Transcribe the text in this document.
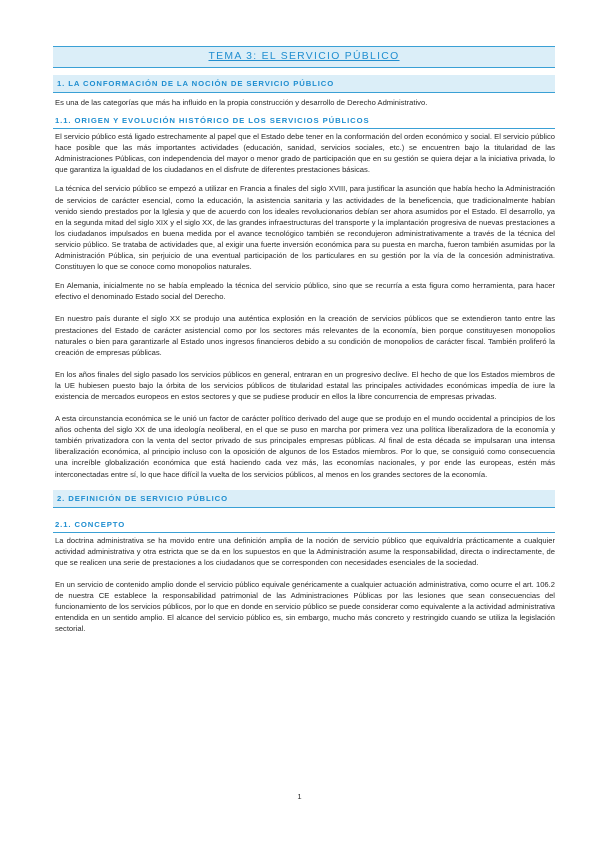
TEMA 3: EL SERVICIO PÚBLICO
1. LA CONFORMACIÓN DE LA NOCIÓN DE SERVICIO PÚBLICO

Es una de las categorías que más ha influido en la propia construcción y desarrollo de Derecho Administrativo.

1.1. ORIGEN Y EVOLUCIÓN HISTÓRICO DE LOS SERVICIOS PÚBLICOS

El servicio público está ligado estrechamente al papel que el Estado debe tener en la conformación del orden económico y social. El servicio público hace posible que las más importantes actividades (educación, sanidad, servicios sociales, etc.) se encuentren bajo la titularidad de las Administraciones Públicas, con independencia del mayor o menor grado de participación que en su gestión se quiera dejar a la iniciativa privada, lo que garantiza la igualdad de los ciudadanos en el disfrute de diferentes prestaciones básicas.

La técnica del servicio público se empezó a utilizar en Francia a finales del siglo XVIII, para justificar la asunción que había hecho la Administración de servicios de carácter esencial, como la educación, la asistencia sanitaria y las actividades de la beneficencia, que tradicionalmente habían venido siendo prestados por la Iglesia y que de acuerdo con los ideales revolucionarios debían ser ahora asumidos por el Estado. El desarrollo, ya en la segunda mitad del siglo XIX y el siglo XX, de las grandes infraestructuras del transporte y la implantación progresiva de nuevas prestaciones a los ciudadanos impulsados en buena medida por el avance tecnológico también se recondujeron administrativamente a través de la técnica del servicio público. Se trataba de actividades que, al exigir una fuerte inversión económica para su puesta en marcha, fueron también asumidas por la Administración Pública, sin perjuicio de una eventual participación de los particulares en su gestión por la vía de la concesión administrativa. Constituyen lo que se conoce como monopolios naturales.

En Alemania, inicialmente no se había empleado la técnica del servicio público, sino que se recurría a esta figura como herramienta, para hacer efectivo el denominado Estado social del Derecho.

En nuestro país durante el siglo XX se produjo una auténtica explosión en la creación de servicios públicos que se extendieron tanto entre las prestaciones del Estado de carácter asistencial como por los sectores más relevantes de la economía, bien porque constituyesen monopolios naturales o bien para garantizarle al Estado unos ingresos financieros debido a su condición de monopolios de carácter fiscal. También proliferó la creación de empresas públicas.

En los años finales del siglo pasado los servicios públicos en general, entraran en un progresivo declive. El hecho de que los Estados miembros de la UE hubiesen puesto bajo la órbita de los servicios públicos de titularidad estatal las principales actividades económicas impedía de iure la existencia de mercados europeos en estos sectores y que se pudiese producir en ellos la libre concurrencia de empresas privadas.

A esta circunstancia económica se le unió un factor de carácter político derivado del auge que se produjo en el mundo occidental a principios de los años ochenta del siglo XX de una ideología neoliberal, en el que se puso en marcha por primera vez una política liberalizadora de la economía y también privatizadora con la venta del sector privado de sus principales empresas públicas. Al final de esta década se impulsaran una intensa liberalización económica, al principio incluso con la oposición de algunos de los Estados miembros. Por lo que, se consiguió como consecuencia una increíble globalización económica que está haciendo cada vez más, las economías nacionales, y por ende las europeas, estén más interconectadas entre sí, lo que hace difícil la vuelta de los servicios públicos, al menos en los grandes sectores de la economía.

2. DEFINICIÓN DE SERVICIO PÚBLICO
2.1. CONCEPTO

La doctrina administrativa se ha movido entre una definición amplia de la noción de servicio público que equivaldría prácticamente a cualquier actividad administrativa y otra estricta que se da en los supuestos en que la Administración asume la responsabilidad, directa o indirectamente, de que se realicen una serie de prestaciones a los ciudadanos que se corresponden con necesidades esenciales de la sociedad.

En un servicio de contenido amplio donde el servicio público equivale genéricamente a cualquier actuación administrativa, como ocurre el art. 106.2 de nuestra CE establece la responsabilidad patrimonial de las Administraciones Públicas por las lesiones que sean consecuencias del funcionamiento de los servicios públicos, por lo que en donde en servicio público se puede considerar como equivalente a la actividad administrativa entendida en un sentido amplio. El alcance del servicio público es, sin embargo, mucho más concreto y restringido cuando se utiliza la legislación sectorial.

1
